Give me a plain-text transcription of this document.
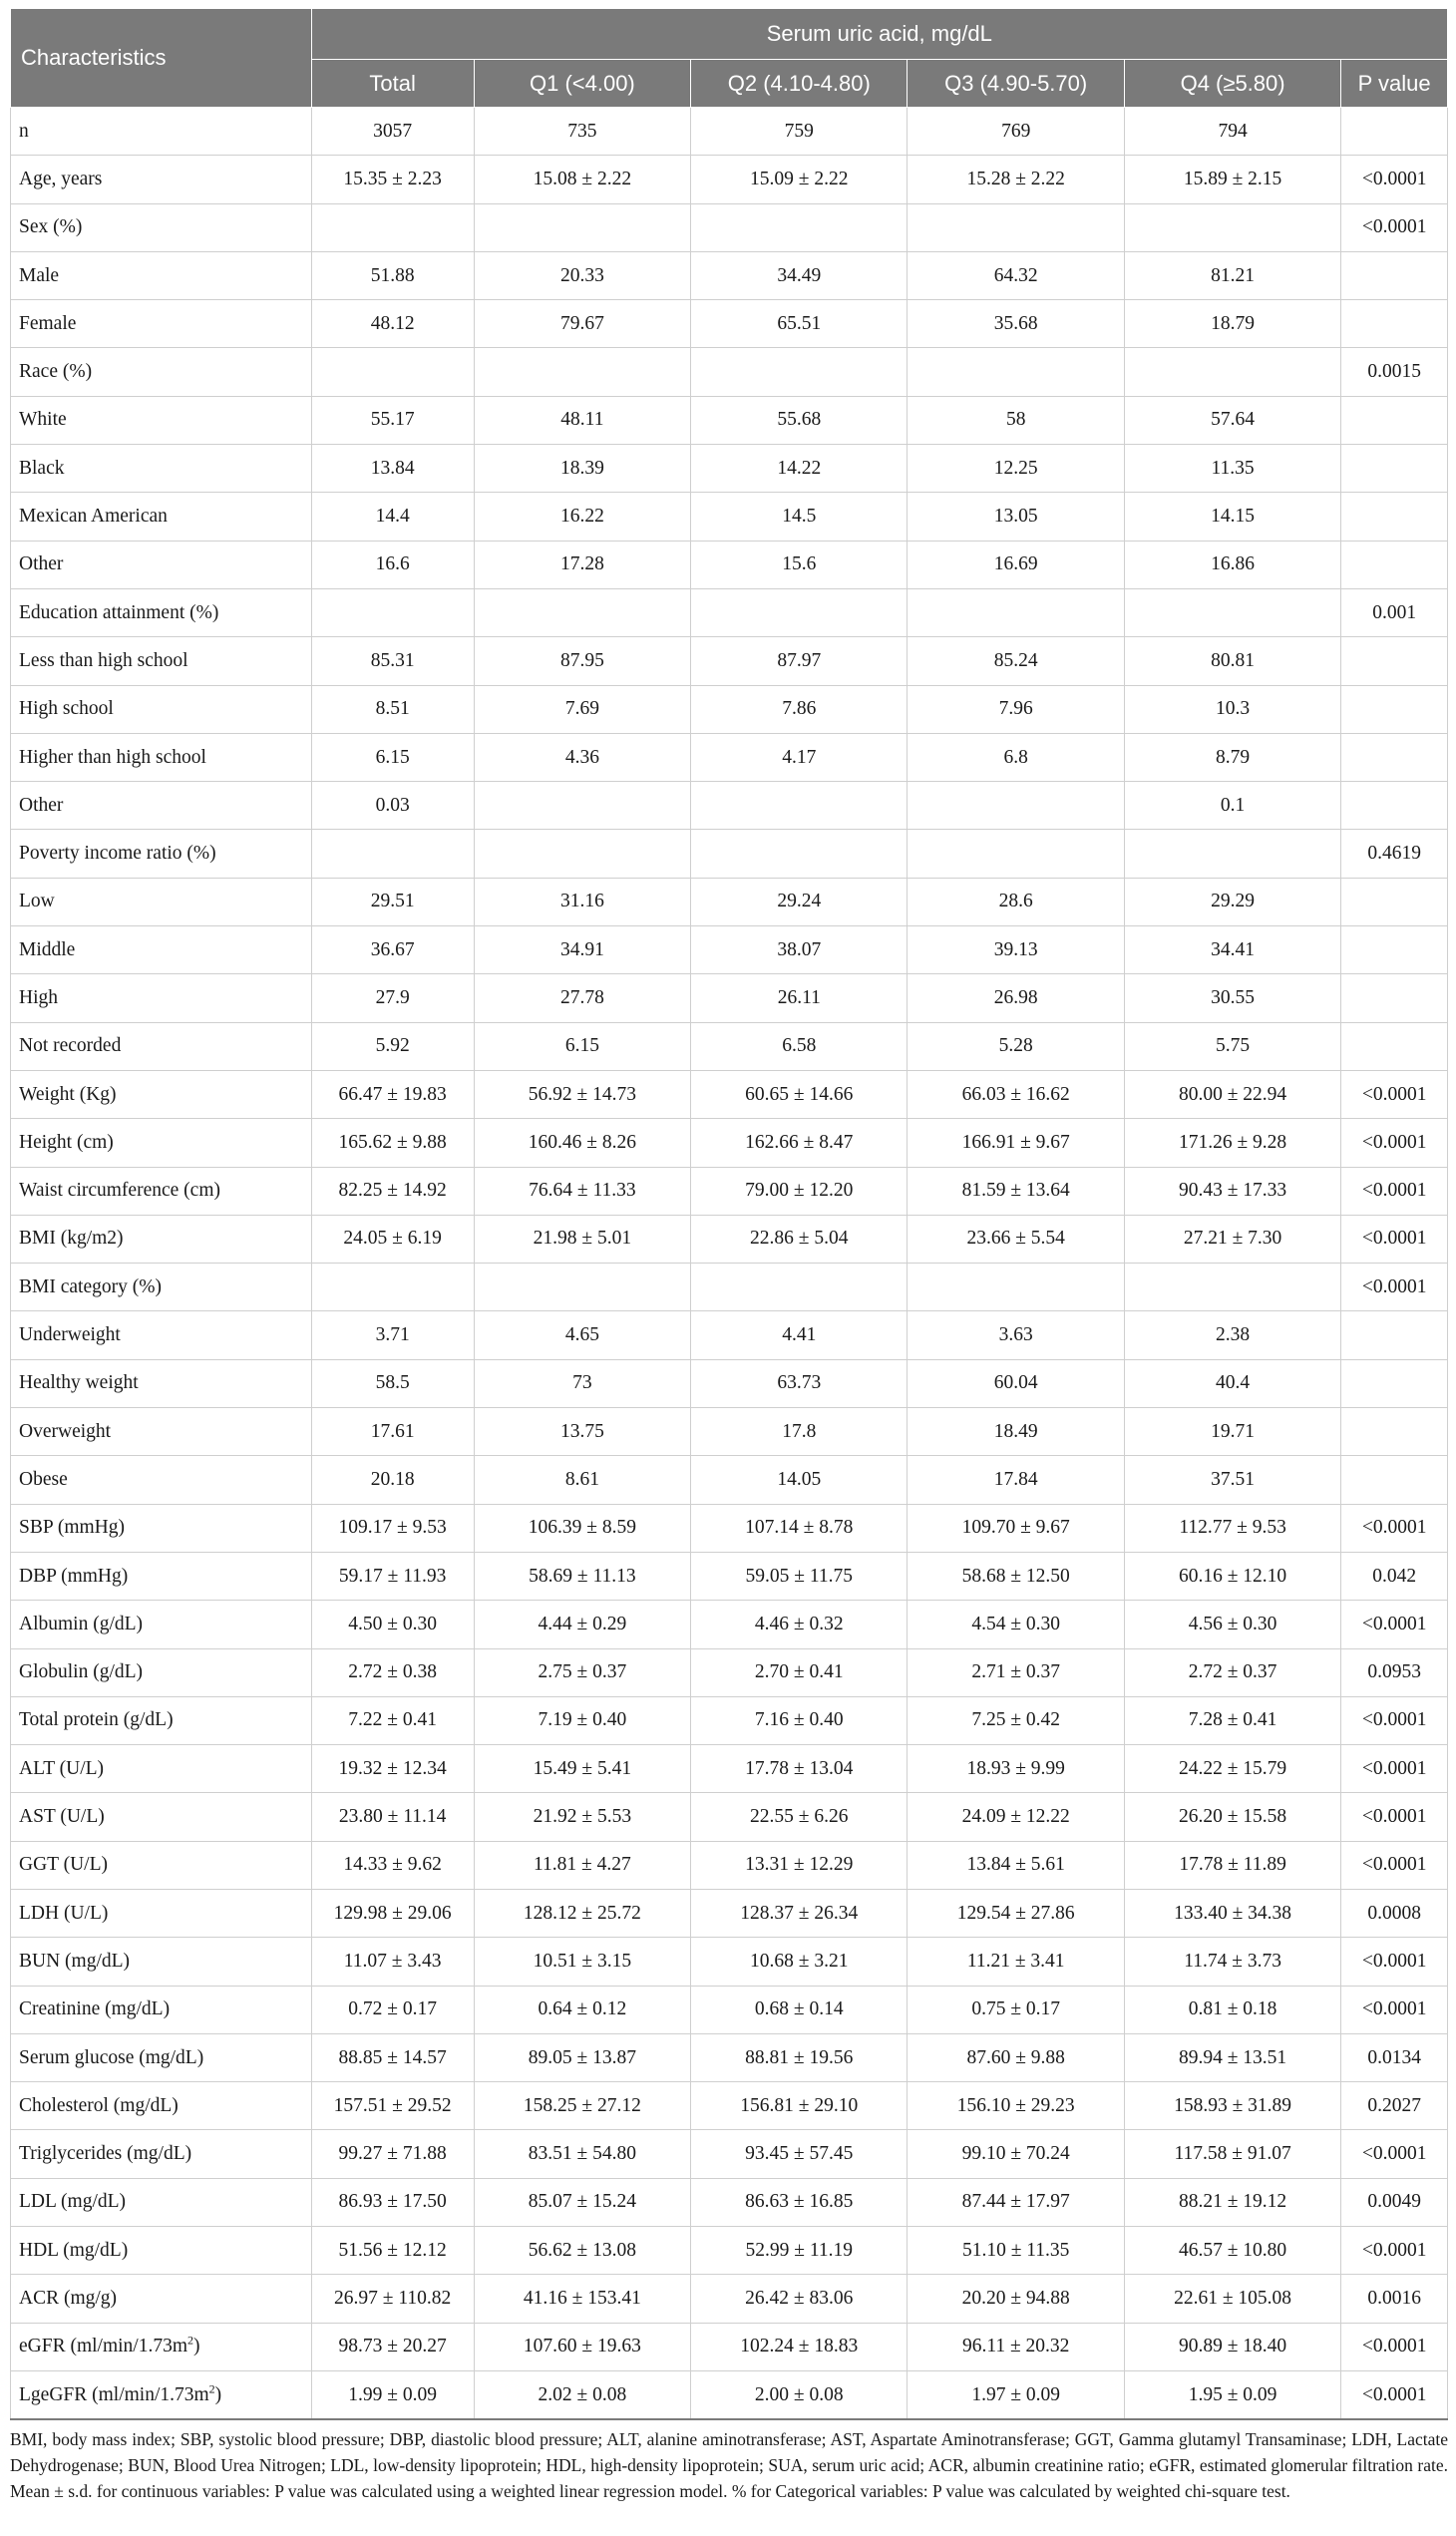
Characteristics	Serum uric acid, mg/dL					
	Total	Q1 (<4.00)	Q2 (4.10-4.80)	Q3 (4.90-5.70)	Q4 (≥5.80)	P value
n	3057	735	759	769	794	
Age, years	15.35 ± 2.23	15.08 ± 2.22	15.09 ± 2.22	15.28 ± 2.22	15.89 ± 2.15	<0.0001
Sex (%)						<0.0001
Male	51.88	20.33	34.49	64.32	81.21	
Female	48.12	79.67	65.51	35.68	18.79	
Race (%)						0.0015
White	55.17	48.11	55.68	58	57.64	
Black	13.84	18.39	14.22	12.25	11.35	
Mexican American	14.4	16.22	14.5	13.05	14.15	
Other	16.6	17.28	15.6	16.69	16.86	
Education attainment (%)						0.001
Less than high school	85.31	87.95	87.97	85.24	80.81	
High school	8.51	7.69	7.86	7.96	10.3	
Higher than high school	6.15	4.36	4.17	6.8	8.79	
Other	0.03				0.1	
Poverty income ratio (%)						0.4619
Low	29.51	31.16	29.24	28.6	29.29	
Middle	36.67	34.91	38.07	39.13	34.41	
High	27.9	27.78	26.11	26.98	30.55	
Not recorded	5.92	6.15	6.58	5.28	5.75	
Weight (Kg)	66.47 ± 19.83	56.92 ± 14.73	60.65 ± 14.66	66.03 ± 16.62	80.00 ± 22.94	<0.0001
Height (cm)	165.62 ± 9.88	160.46 ± 8.26	162.66 ± 8.47	166.91 ± 9.67	171.26 ± 9.28	<0.0001
Waist circumference (cm)	82.25 ± 14.92	76.64 ± 11.33	79.00 ± 12.20	81.59 ± 13.64	90.43 ± 17.33	<0.0001
BMI (kg/m2)	24.05 ± 6.19	21.98 ± 5.01	22.86 ± 5.04	23.66 ± 5.54	27.21 ± 7.30	<0.0001
BMI category (%)						<0.0001
Underweight	3.71	4.65	4.41	3.63	2.38	
Healthy weight	58.5	73	63.73	60.04	40.4	
Overweight	17.61	13.75	17.8	18.49	19.71	
Obese	20.18	8.61	14.05	17.84	37.51	
SBP (mmHg)	109.17 ± 9.53	106.39 ± 8.59	107.14 ± 8.78	109.70 ± 9.67	112.77 ± 9.53	<0.0001
DBP (mmHg)	59.17 ± 11.93	58.69 ± 11.13	59.05 ± 11.75	58.68 ± 12.50	60.16 ± 12.10	0.042
Albumin (g/dL)	4.50 ± 0.30	4.44 ± 0.29	4.46 ± 0.32	4.54 ± 0.30	4.56 ± 0.30	<0.0001
Globulin (g/dL)	2.72 ± 0.38	2.75 ± 0.37	2.70 ± 0.41	2.71 ± 0.37	2.72 ± 0.37	0.0953
Total protein (g/dL)	7.22 ± 0.41	7.19 ± 0.40	7.16 ± 0.40	7.25 ± 0.42	7.28 ± 0.41	<0.0001
ALT (U/L)	19.32 ± 12.34	15.49 ± 5.41	17.78 ± 13.04	18.93 ± 9.99	24.22 ± 15.79	<0.0001
AST (U/L)	23.80 ± 11.14	21.92 ± 5.53	22.55 ± 6.26	24.09 ± 12.22	26.20 ± 15.58	<0.0001
GGT (U/L)	14.33 ± 9.62	11.81 ± 4.27	13.31 ± 12.29	13.84 ± 5.61	17.78 ± 11.89	<0.0001
LDH (U/L)	129.98 ± 29.06	128.12 ± 25.72	128.37 ± 26.34	129.54 ± 27.86	133.40 ± 34.38	0.0008
BUN (mg/dL)	11.07 ± 3.43	10.51 ± 3.15	10.68 ± 3.21	11.21 ± 3.41	11.74 ± 3.73	<0.0001
Creatinine (mg/dL)	0.72 ± 0.17	0.64 ± 0.12	0.68 ± 0.14	0.75 ± 0.17	0.81 ± 0.18	<0.0001
Serum glucose (mg/dL)	88.85 ± 14.57	89.05 ± 13.87	88.81 ± 19.56	87.60 ± 9.88	89.94 ± 13.51	0.0134
Cholesterol (mg/dL)	157.51 ± 29.52	158.25 ± 27.12	156.81 ± 29.10	156.10 ± 29.23	158.93 ± 31.89	0.2027
Triglycerides (mg/dL)	99.27 ± 71.88	83.51 ± 54.80	93.45 ± 57.45	99.10 ± 70.24	117.58 ± 91.07	<0.0001
LDL (mg/dL)	86.93 ± 17.50	85.07 ± 15.24	86.63 ± 16.85	87.44 ± 17.97	88.21 ± 19.12	0.0049
HDL (mg/dL)	51.56 ± 12.12	56.62 ± 13.08	52.99 ± 11.19	51.10 ± 11.35	46.57 ± 10.80	<0.0001
ACR (mg/g)	26.97 ± 110.82	41.16 ± 153.41	26.42 ± 83.06	20.20 ± 94.88	22.61 ± 105.08	0.0016
eGFR $(ml/\min/1.73m^2)$	98.73 ± 20.27	107.60 ± 19.63	102.24 ± 18.83	96.11 ± 20.32	90.89 ± 18.40	<0.0001
LgeGFR $(ml/\min/1.73m^2)$	1.99 ± 0.09	2.02 ± 0.08	2.00 ± 0.08	1.97 ± 0.09	1.95 ± 0.09	<0.0001
BMI, body mass index; SBP, systolic blood pressure; DBP, diastolic blood pressure; ALT, alanine aminotransferase; AST, Aspartate Aminotransferase; GGT, Gamma glutamyl Transaminase; LDH, Lactate Dehydrogenase; BUN, Blood Urea Nitrogen; LDL, low-density lipoprotein; HDL, high-density lipoprotein; SUA, serum uric acid; ACR, albumin creatinine ratio; eGFR, estimated glomerular filtration rate. Mean ± s.d. for continuous variables: P value was calculated using a weighted linear regression model. % for Categorical variables: P value was calculated by weighted chi-square test.
